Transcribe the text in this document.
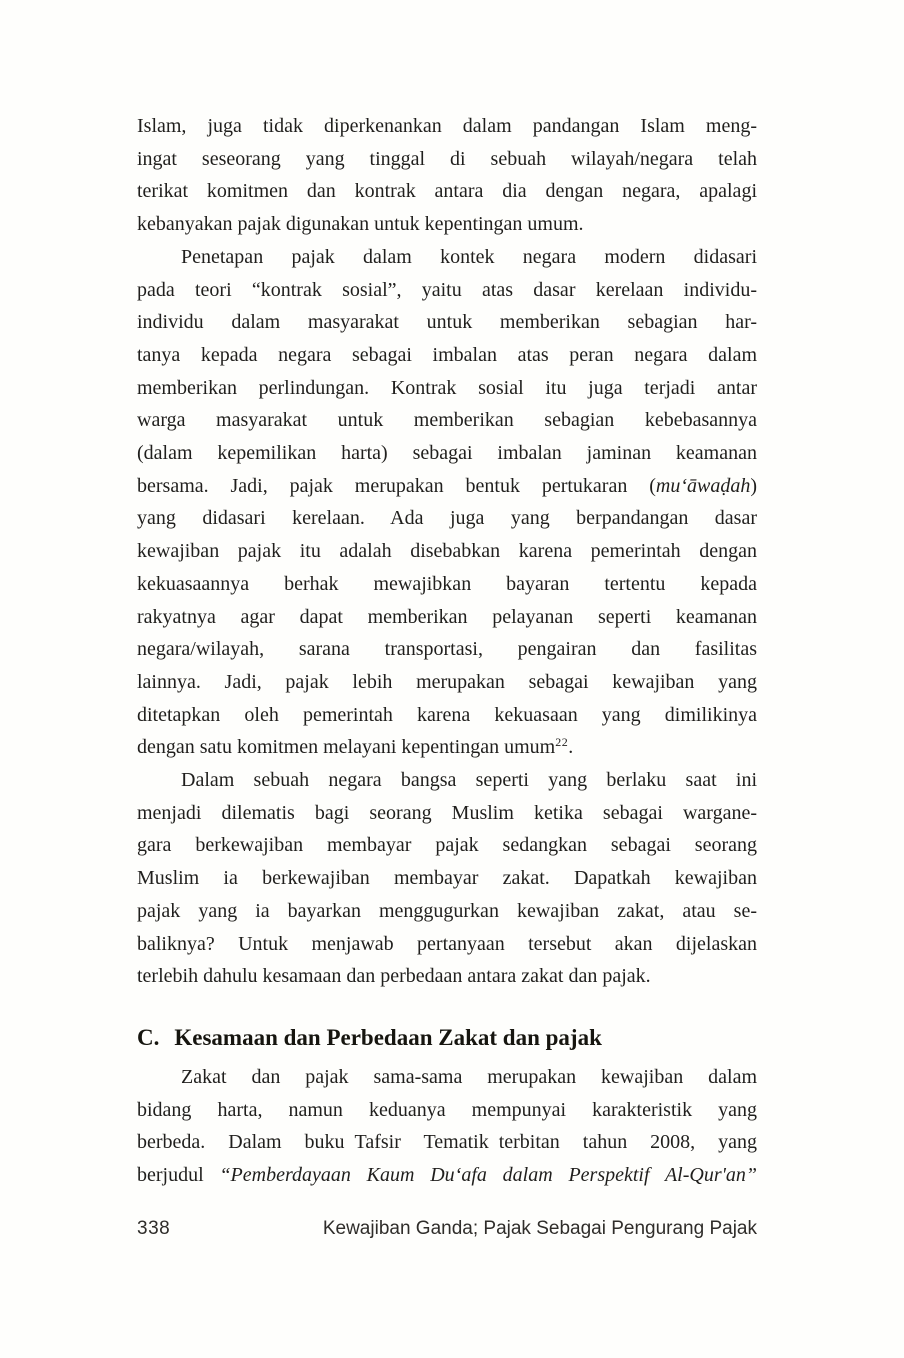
Islam, juga tidak diperkenankan dalam pandangan Islam meng-
ingat seseorang yang tinggal di sebuah wilayah/negara telah
terikat komitmen dan kontrak antara dia dengan negara, apalagi
kebanyakan pajak digunakan untuk kepentingan umum.
Penetapan pajak dalam kontek negara modern didasari
pada teori “kontrak sosial”, yaitu atas dasar kerelaan individu-
individu dalam masyarakat untuk memberikan sebagian har-
tanya kepada negara sebagai imbalan atas peran negara dalam
memberikan perlindungan. Kontrak sosial itu juga terjadi antar
warga masyarakat untuk memberikan sebagian kebebasannya
(dalam kepemilikan harta) sebagai imbalan jaminan keamanan
bersama. Jadi, pajak merupakan bentuk pertukaran (mu‘āwaḍah)
yang didasari kerelaan. Ada juga yang berpandangan dasar
kewajiban pajak itu adalah disebabkan karena pemerintah dengan
kekuasaannya berhak mewajibkan bayaran tertentu kepada
rakyatnya agar dapat memberikan pelayanan seperti keamanan
negara/wilayah, sarana transportasi, pengairan dan fasilitas
lainnya. Jadi, pajak lebih merupakan sebagai kewajiban yang
ditetapkan oleh pemerintah karena kekuasaan yang dimilikinya
dengan satu komitmen melayani kepentingan umum$^{22}$.
Dalam sebuah negara bangsa seperti yang berlaku saat ini
menjadi dilematis bagi seorang Muslim ketika sebagai wargane-
gara berkewajiban membayar pajak sedangkan sebagai seorang
Muslim ia berkewajiban membayar zakat. Dapatkah kewajiban
pajak yang ia bayarkan menggugurkan kewajiban zakat, atau se-
baliknya? Untuk menjawab pertanyaan tersebut akan dijelaskan
terlebih dahulu kesamaan dan perbedaan antara zakat dan pajak.
C. Kesamaan dan Perbedaan Zakat dan pajak
Zakat dan pajak sama-sama merupakan kewajiban dalam
bidang harta, namun keduanya mempunyai karakteristik yang
berbeda. Dalam buku Tafsir Tematik terbitan tahun 2008, yang
berjudul “Pemberdayaan Kaum Du‘afa dalam Perspektif Al-Qur'an”
338	Kewajiban Ganda; Pajak Sebagai Pengurang Pajak
